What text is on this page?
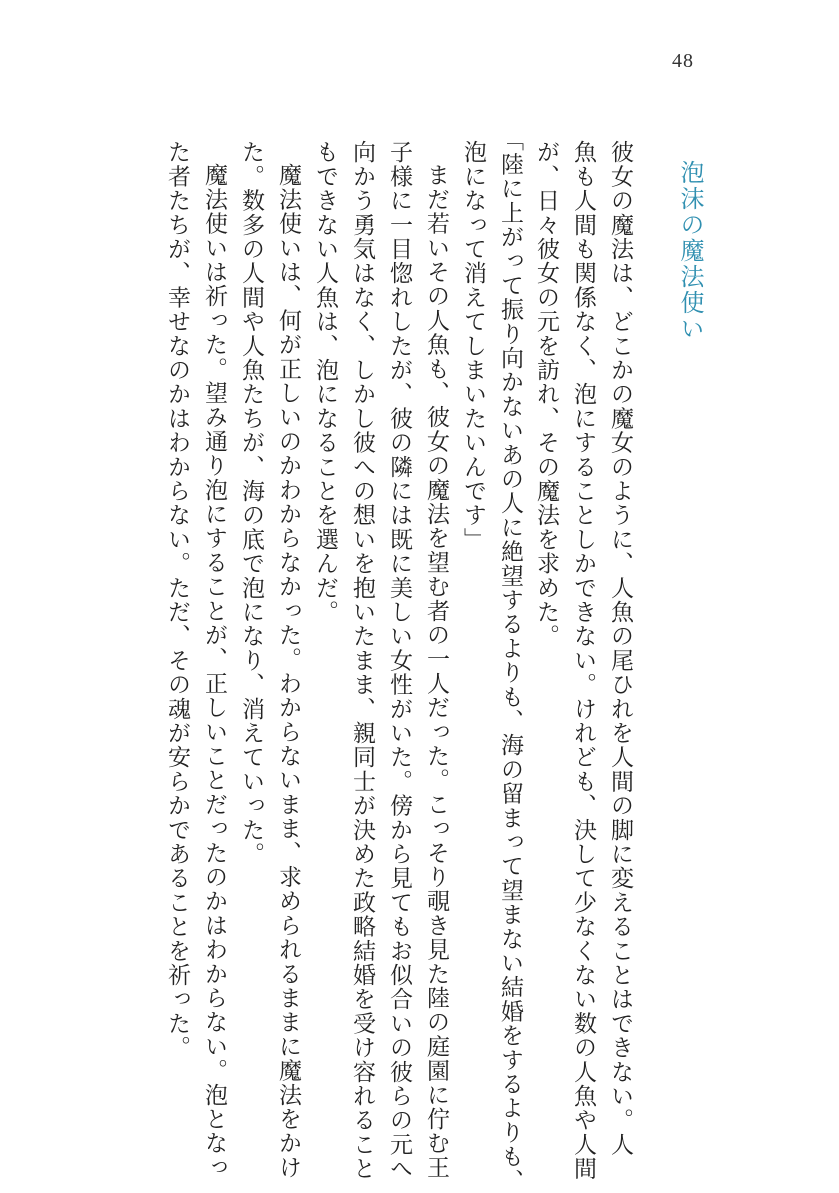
48
泡沫の魔法使い
彼女の魔法は、どこかの魔女のように、人魚の尾ひれを人間の脚に変えることはできない。人
魚も人間も関係なく、泡にすることしかできない。けれども、決して少なくない数の人魚や人間
が、日々彼女の元を訪れ、その魔法を求めた。
「陸に上がって振り向かないあの人に絶望するよりも、海の留まって望まない結婚をするよりも、
泡になって消えてしまいたいんです」
まだ若いその人魚も、彼女の魔法を望む者の一人だった。こっそり覗き見た陸の庭園に佇む王
子様に一目惚れしたが、彼の隣には既に美しい女性がいた。傍から見てもお似合いの彼らの元へ
向かう勇気はなく、しかし彼への想いを抱いたまま、親同士が決めた政略結婚を受け容れること
もできない人魚は、泡になることを選んだ。
魔法使いは、何が正しいのかわからなかった。わからないまま、求められるままに魔法をかけ
た。数多の人間や人魚たちが、海の底で泡になり、消えていった。
魔法使いは祈った。望み通り泡にすることが、正しいことだったのかはわからない。泡となっ
た者たちが、幸せなのかはわからない。ただ、その魂が安らかであることを祈った。
